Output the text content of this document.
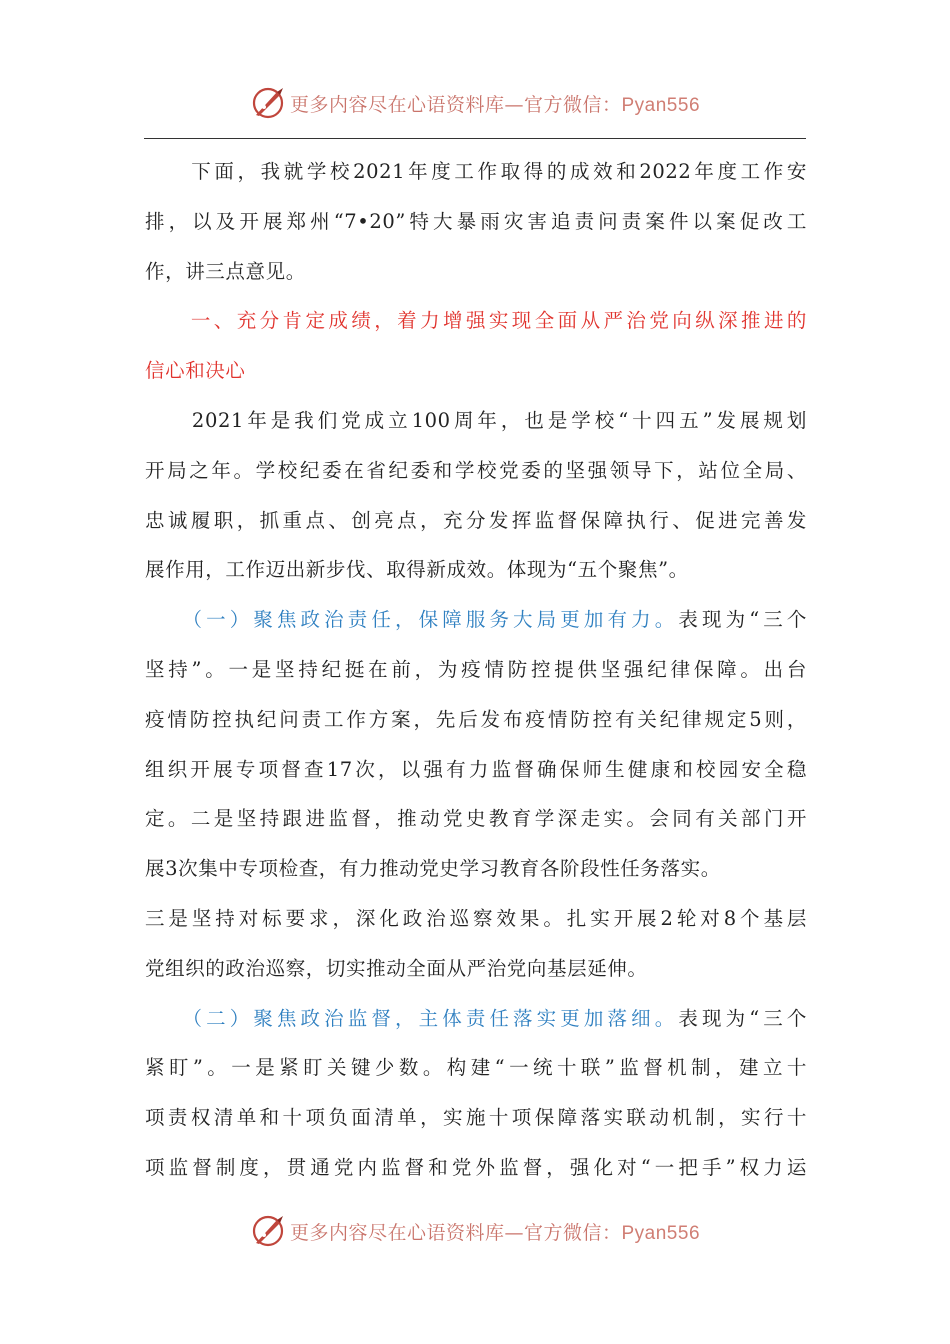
更多内容尽在心语资料库—官方微信：Pyan556
　　下面，我就学校2021年度工作取得的成效和2022年度工作安
排，以及开展郑州“7•20”特大暴雨灾害追责问责案件以案促改工
作，讲三点意见。
　　一、充分肯定成绩，着力增强实现全面从严治党向纵深推进的
信心和决心
　　2021年是我们党成立100周年，也是学校“十四五”发展规划
开局之年。学校纪委在省纪委和学校党委的坚强领导下，站位全局、
忠诚履职，抓重点、创亮点，充分发挥监督保障执行、促进完善发
展作用，工作迈出新步伐、取得新成效。体现为“五个聚焦”。
　　（一）聚焦政治责任，保障服务大局更加有力。表现为“三个
坚持”。一是坚持纪挺在前，为疫情防控提供坚强纪律保障。出台
疫情防控执纪问责工作方案，先后发布疫情防控有关纪律规定5则，
组织开展专项督查17次，以强有力监督确保师生健康和校园安全稳
定。二是坚持跟进监督，推动党史教育学深走实。会同有关部门开
展3次集中专项检查，有力推动党史学习教育各阶段性任务落实。
三是坚持对标要求，深化政治巡察效果。扎实开展2轮对8个基层
党组织的政治巡察，切实推动全面从严治党向基层延伸。
　　（二）聚焦政治监督，主体责任落实更加落细。表现为“三个
紧盯”。一是紧盯关键少数。构建“一统十联”监督机制，建立十
项责权清单和十项负面清单，实施十项保障落实联动机制，实行十
项监督制度，贯通党内监督和党外监督，强化对“一把手”权力运
更多内容尽在心语资料库—官方微信：Pyan556
